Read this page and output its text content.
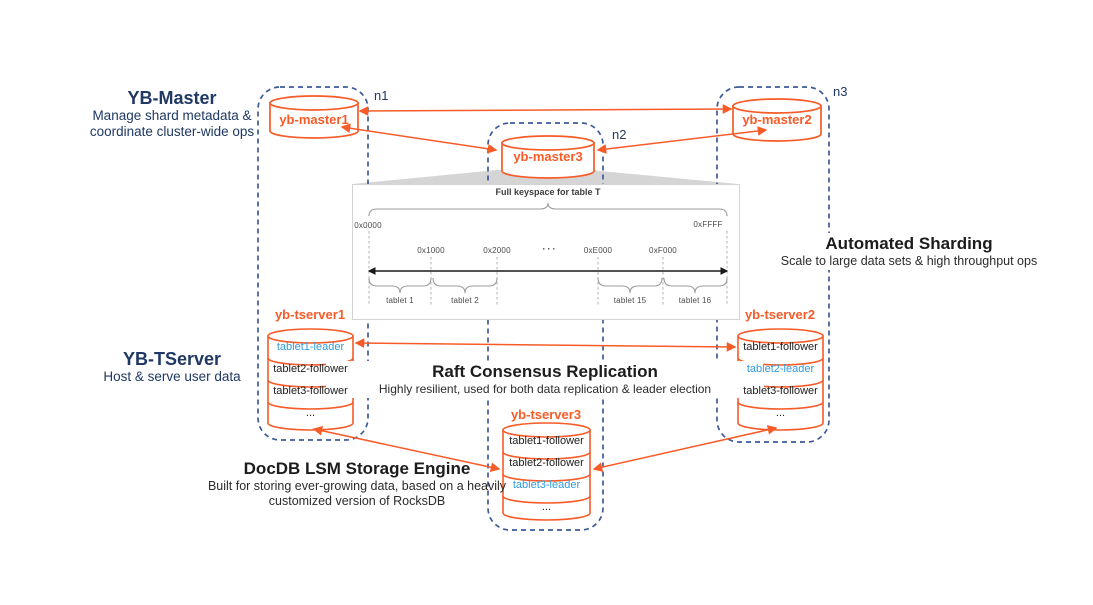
YB-Master
Manage shard metadata & coordinate cluster-wide ops
YB-TServer
Host & serve user data
Automated Sharding
Scale to large data sets & high throughput ops
Raft Consensus Replication
Highly resilient, used for both data replication & leader election
DocDB LSM Storage Engine
Built for storing ever-growing data, based on a heavily customized version of RocksDB
n1
n2
n3
yb-master1
yb-master3
yb-master2
yb-tserver1	yb-tserver2
yb-tserver3
tablet1-leader
tablet2-follower
tablet3-follower
...
tablet1-follower
tablet2-leader
tablet3-follower
...
tablet1-follower
tablet2-follower
tablet3-leader
...
Full keyspace for table T
0x0000	0xFFFF
0x1000	0x2000	···	0xE000	0xF000
tablet 1	tablet 2	tablet 15	tablet 16
